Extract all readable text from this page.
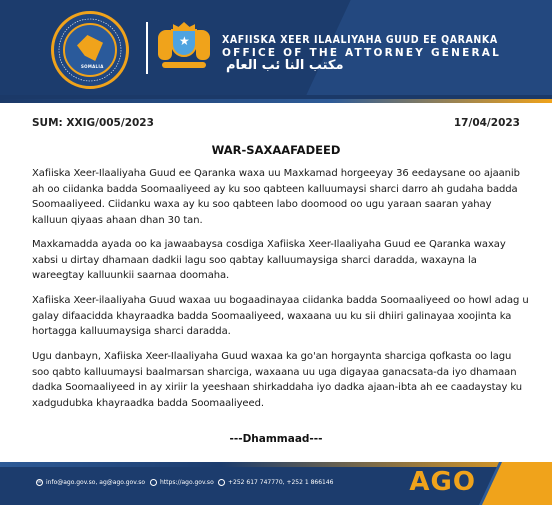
SOMALIA
★	XAFIISKA XEER ILAALIYAHA GUUD EE QARANKA
OFFICE OF THE ATTORNEY GENERAL
مكتب النا ئب العام
SUM: XXIG/005/2023	17/04/2023
WAR-SAXAAFADEED
Xafiiska Xeer-Ilaaliyaha Guud ee Qaranka waxa uu Maxkamad horgeeyay 36 eedaysane oo ajaanib ah oo ciidanka badda Soomaaliyeed ay ku soo qabteen kalluumaysi sharci darro ah gudaha badda Soomaaliyeed. Ciidanku waxa ay ku soo qabteen labo doomood oo ugu yaraan saaran yahay kalluun qiyaas ahaan dhan 30 tan.
Maxkamadda ayada oo ka jawaabaysa cosdiga Xafiiska Xeer-Ilaaliyaha Guud ee Qaranka waxay xabsi u dirtay dhamaan dadkii lagu soo qabtay kalluumaysiga sharci daradda, waxayna la wareegtay kalluunkii saarnaa doomaha.
Xafiiska Xeer-ilaaliyaha Guud waxaa uu bogaadinayaa ciidanka badda Soomaaliyeed oo howl adag u galay difaacidda khayraadka badda Soomaaliyeed, waxaana uu ku sii dhiiri galinayaa xoojinta ka hortagga kalluumaysiga sharci daradda.
Ugu danbayn, Xafiiska Xeer-Ilaaliyaha Guud waxaa ka go'an horgaynta sharciga qofkasta oo lagu soo qabto kalluumaysi baalmarsan sharciga, waxaana uu uga digayaa ganacsata-da iyo dhamaan dadka Soomaaliyeed in ay xiriir la yeeshaan shirkaddaha iyo dadka ajaan-ibta ah ee caadaystay ku xadgudubka khayraadka badda Soomaaliyeed.
---Dhammaad---
✉ info@ago.gov.so, ag@ago.gov.so https://ago.gov.so +252 617 747770, +252 1 866146	AGO
